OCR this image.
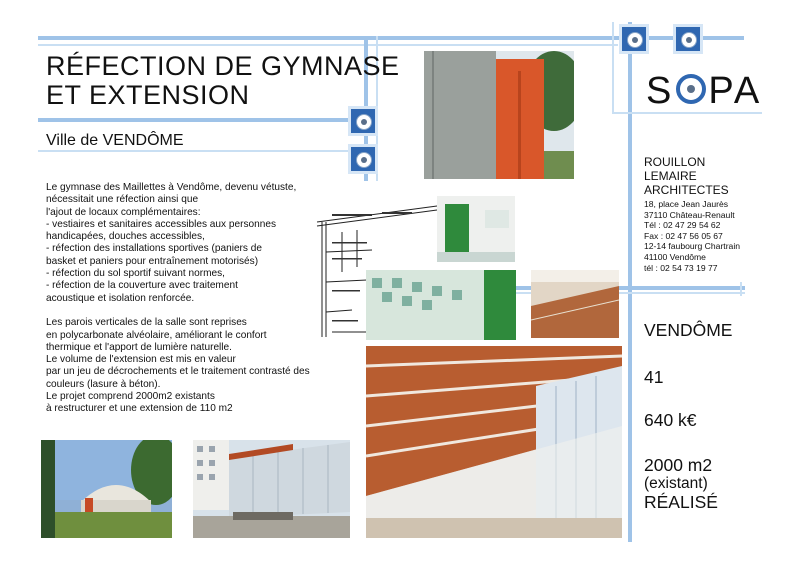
RÉFECTION DE GYMNASE
ET EXTENSION
Ville de VENDÔME
Le gymnase des Maillettes à Vendôme, devenu vétuste,
nécessitait une réfection ainsi que
l'ajout de locaux complémentaires:
- vestiaires et sanitaires accessibles aux personnes
handicapées, douches accessibles,
- réfection des installations sportives (paniers de
basket et paniers pour entraînement motorisés)
- réfection du sol sportif suivant normes,
- réfection de la couverture avec traitement
acoustique et isolation renforcée.

Les parois verticales de la salle sont reprises
en polycarbonate alvéolaire, améliorant le confort
thermique et l'apport de lumière naturelle.
Le volume de l'extension est mis en valeur
par un jeu de décrochements et le traitement contrasté des
couleurs (lasure à béton).
Le projet comprend 2000m2 existants
à restructurer et une extension de 110 m2
S PA
ROUILLON
LEMAIRE
ARCHITECTES
18, place Jean Jaurès
37110 Château-Renault
Tél : 02 47 29 54 62
Fax : 02 47 56 05 67
12-14 faubourg Chartrain
41100 Vendôme
tél : 02 54 73 19 77
VENDÔME
41
640 k€
2000 m2
(existant)
RÉALISÉ
